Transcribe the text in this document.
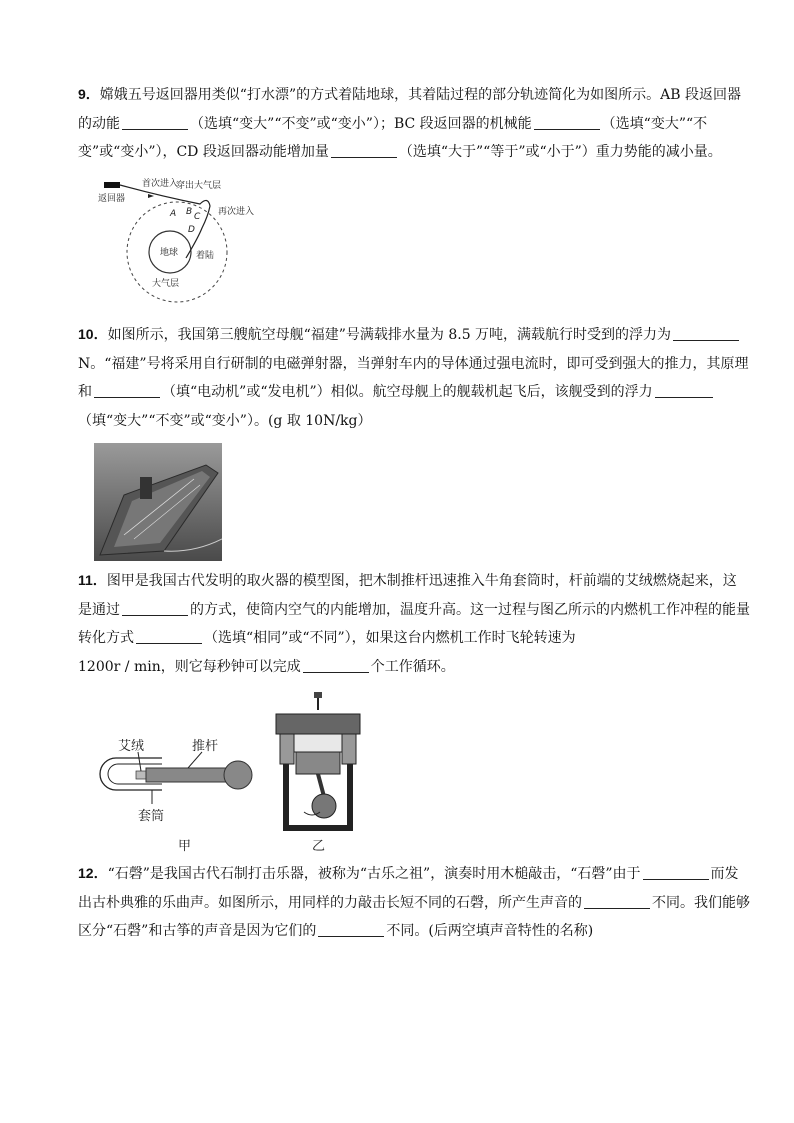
9．嫦娥五号返回器用类似“打水漂”的方式着陆地球，其着陆过程的部分轨迹简化为如图所示。AB 段返回器的动能	（选填“变大”“不变”或“变小”）；BC 段返回器的机械能	（选填“变大”“不变”或“变小”），CD 段返回器动能增加量	（选填“大于”“等于”或“小于”）重力势能的减小量。
返回器
首次进入
穿出大气层
再次进入
A B C
D
地球 着陆
大气层
10．如图所示，我国第三艘航空母舰“福建”号满载排水量为 8.5 万吨，满载航行时受到的浮力为N。“福建”号将采用自行研制的电磁弹射器，当弹射车内的导体通过强电流时，即可受到强大的推力，其原理和	（填“电动机”或“发电机”）相似。航空母舰上的舰载机起飞后，该舰受到的浮力（填“变大”“不变”或“变小”）。(g 取 10N/kg）
11．图甲是我国古代发明的取火器的模型图，把木制推杆迅速推入牛角套筒时，杆前端的艾绒燃烧起来，这是通过	的方式，使筒内空气的内能增加，温度升高。这一过程与图乙所示的内燃机工作冲程的能量转化方式	（选填“相同”或“不同”），如果这台内燃机工作时飞轮转速为
1200r / min，则它每秒钟可以完成	个工作循环。
艾绒	推杆
套筒
甲	乙
12．“石磬”是我国古代石制打击乐器，被称为“古乐之祖”，演奏时用木槌敲击，“石磬”由于	而发出古朴典雅的乐曲声。如图所示，用同样的力敲击长短不同的石磬，所产生声音的	不同。我们能够区分“石磬”和古筝的声音是因为它们的	不同。(后两空填声音特性的名称)
